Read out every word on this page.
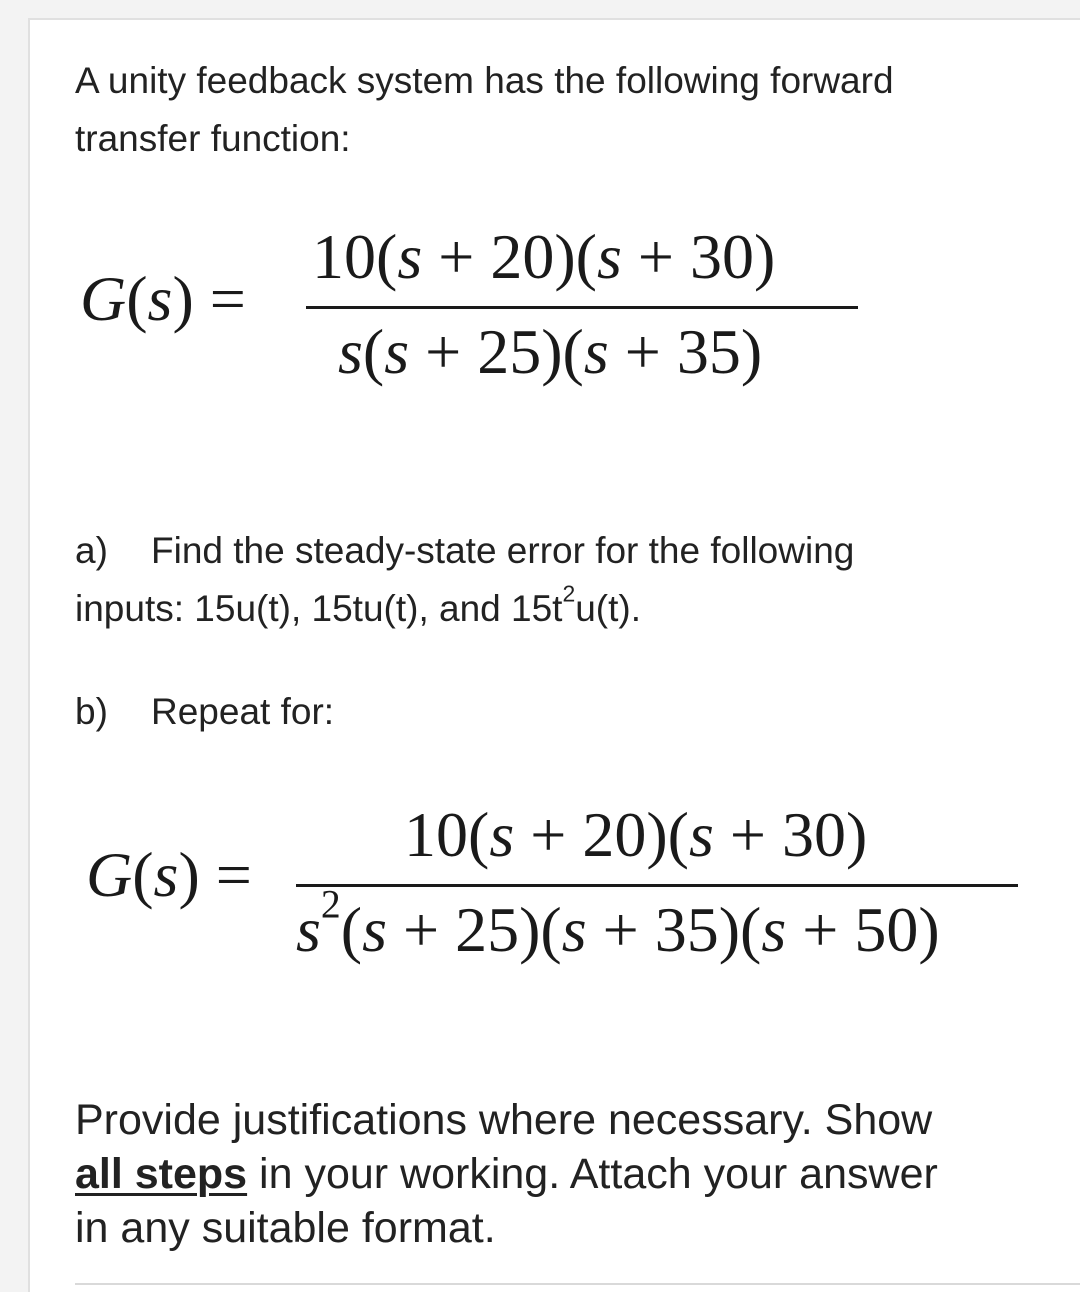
A unity feedback system has the following forward

transfer function:

G(s) =
10(s + 20)(s + 30)
s(s + 25)(s + 35)

a) Find the steady-state error for the following

inputs: 15u(t), 15tu(t), and $15t^2u(t)$.

b) Repeat for:

G(s) =
10(s + 20)(s + 30)
$s^2(s + 25)(s + 35)(s + 50)$

Provide justifications where necessary. Show

all steps in your working. Attach your answer

in any suitable format.
